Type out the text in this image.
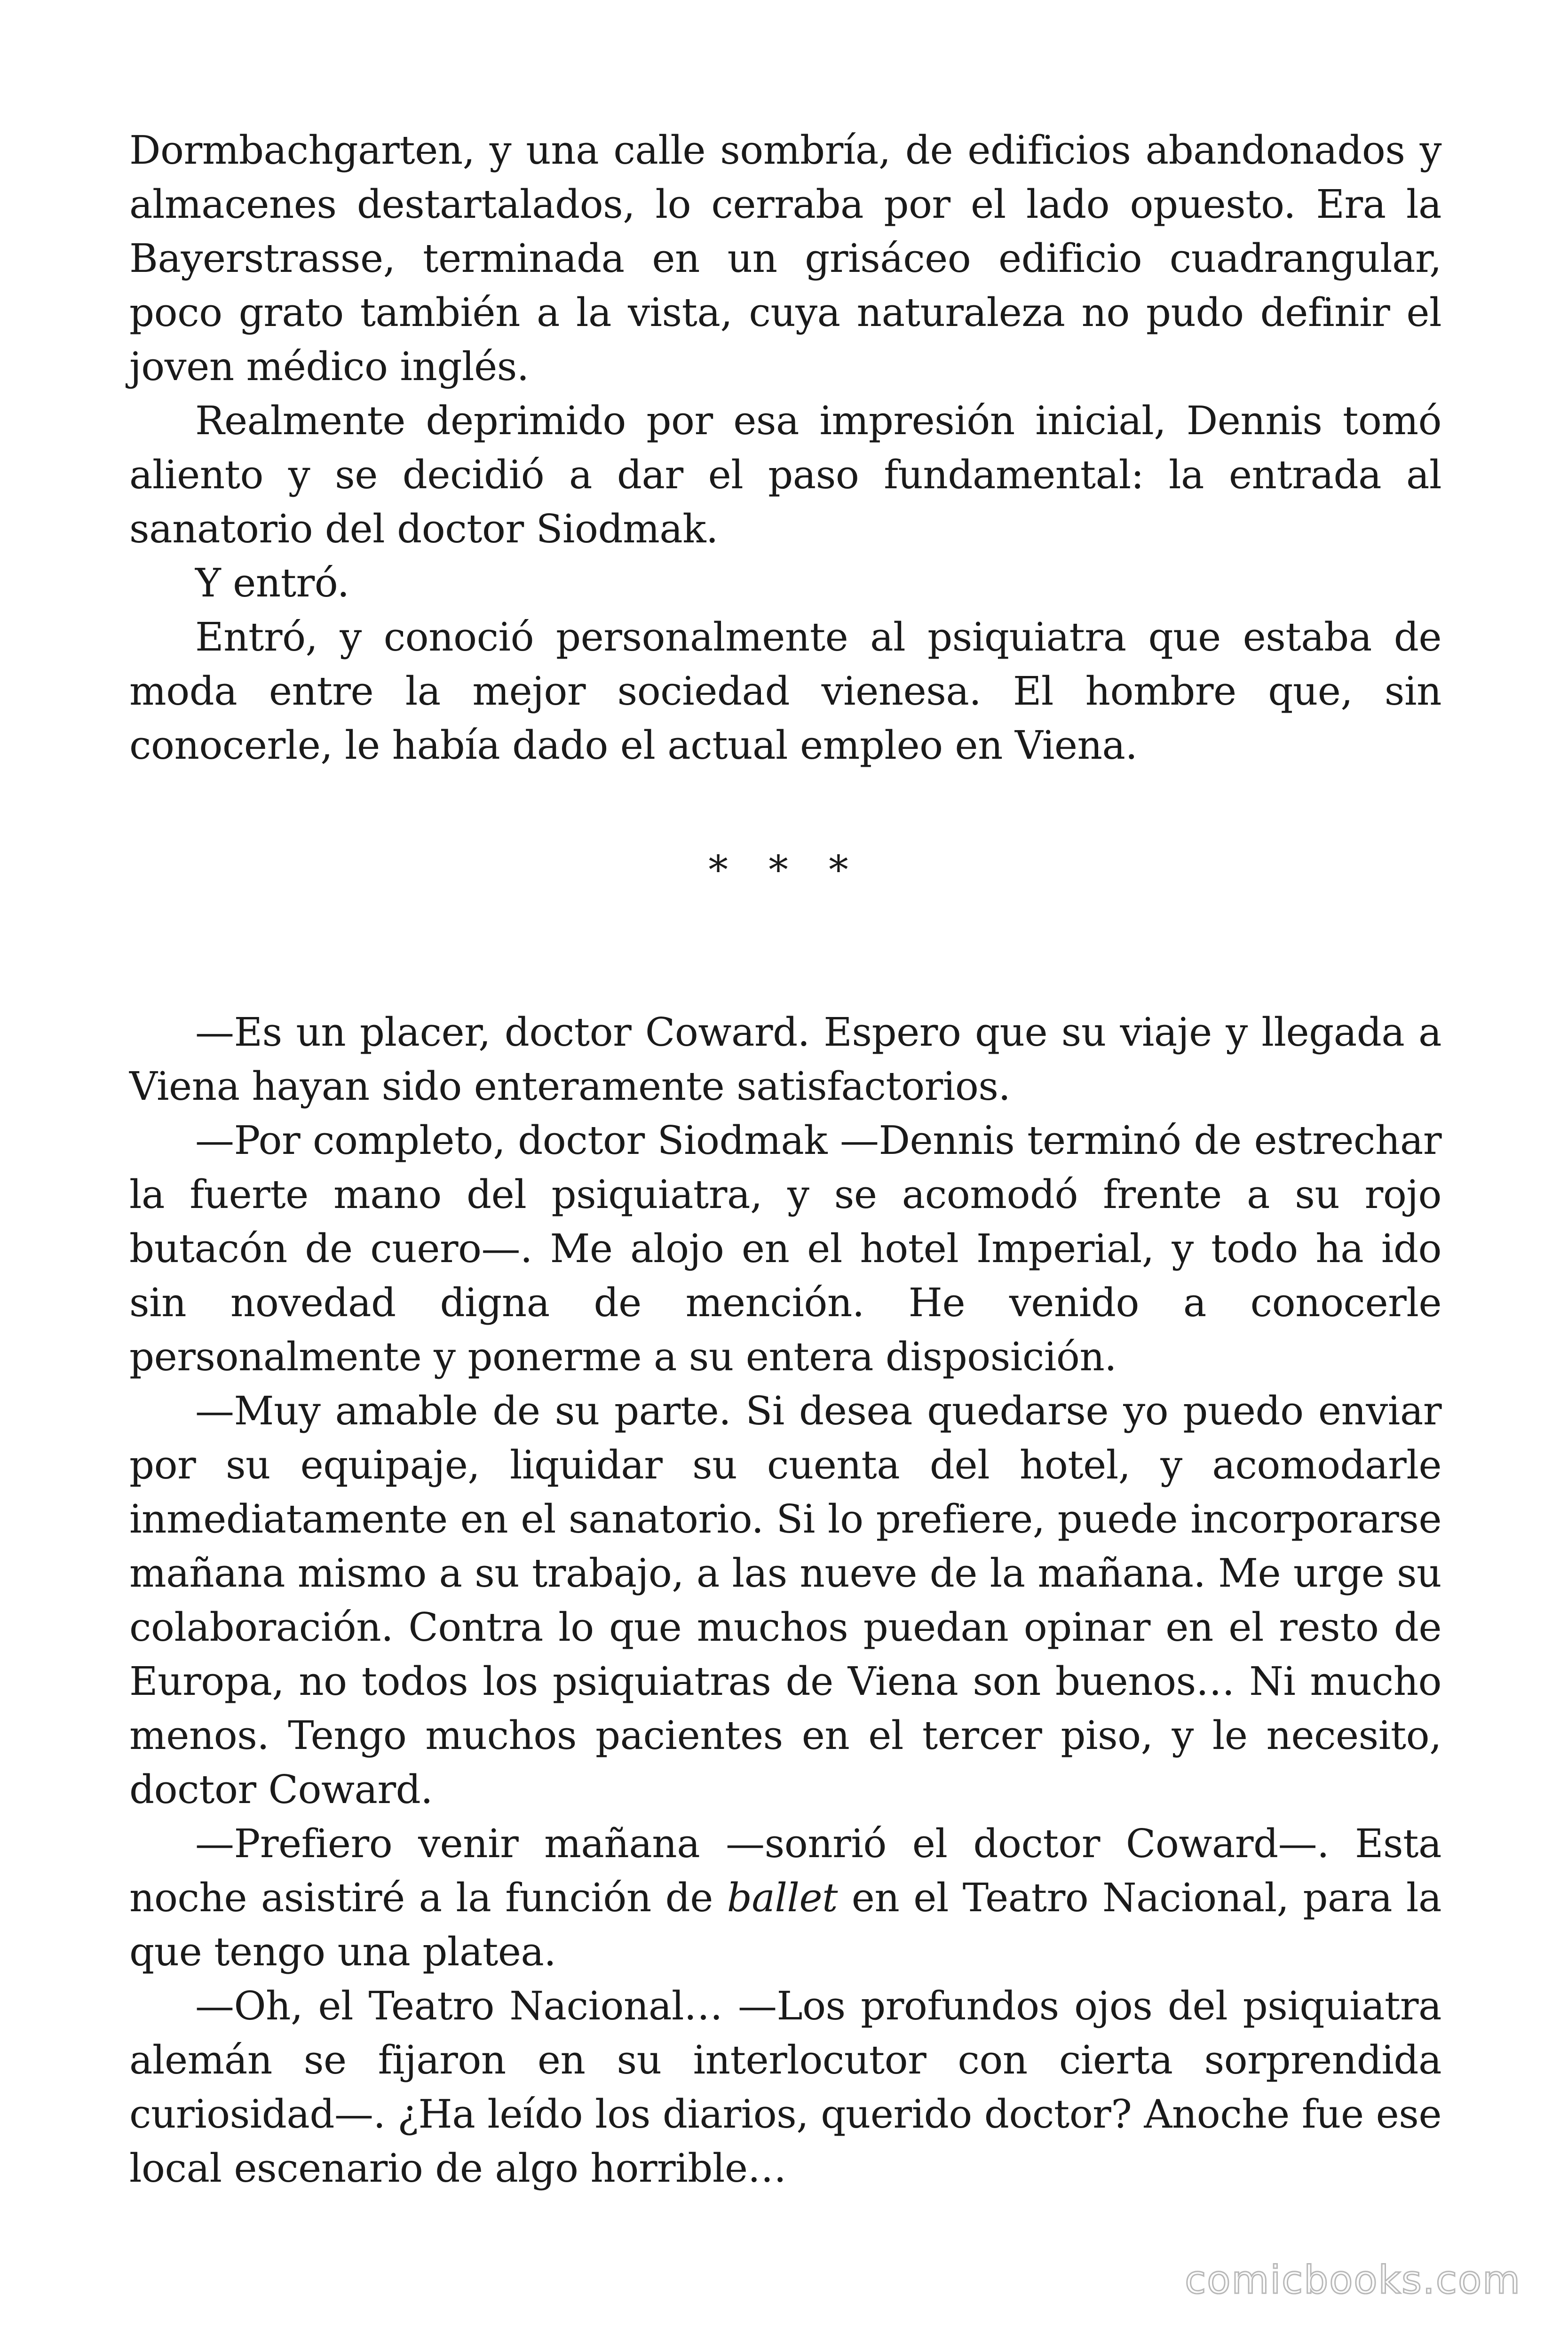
Dormbachgarten, y una calle sombría, de edificios abandonados y almacenes destartalados, lo cerraba por el lado opuesto. Era la Bayerstrasse, terminada en un grisáceo edificio cuadrangular, poco grato también a la vista, cuya naturaleza no pudo definir el joven médico inglés.

Realmente deprimido por esa impresión inicial, Dennis tomó aliento y se decidió a dar el paso fundamental: la entrada al sanatorio del doctor Siodmak.

Y entró.

Entró, y conoció personalmente al psiquiatra que estaba de moda entre la mejor sociedad vienesa. El hombre que, sin conocerle, le había dado el actual empleo en Viena.

* * *

—Es un placer, doctor Coward. Espero que su viaje y llegada a Viena hayan sido enteramente satisfactorios.

—Por completo, doctor Siodmak —Dennis terminó de estrechar la fuerte mano del psiquiatra, y se acomodó frente a su rojo butacón de cuero—. Me alojo en el hotel Imperial, y todo ha ido sin novedad digna de mención. He venido a conocerle personalmente y ponerme a su entera disposición.

—Muy amable de su parte. Si desea quedarse yo puedo enviar por su equipaje, liquidar su cuenta del hotel, y acomodarle inmediatamente en el sanatorio. Si lo prefiere, puede incorporarse mañana mismo a su trabajo, a las nueve de la mañana. Me urge su colaboración. Contra lo que muchos puedan opinar en el resto de Europa, no todos los psiquiatras de Viena son buenos… Ni mucho menos. Tengo muchos pacientes en el tercer piso, y le necesito, doctor Coward.

—Prefiero venir mañana —sonrió el doctor Coward—. Esta noche asistiré a la función de ballet en el Teatro Nacional, para la que tengo una platea.

—Oh, el Teatro Nacional… —Los profundos ojos del psiquiatra alemán se fijaron en su interlocutor con cierta sorprendida curiosidad—. ¿Ha leído los diarios, querido doctor? Anoche fue ese local escenario de algo horrible…

comicbooks.com
